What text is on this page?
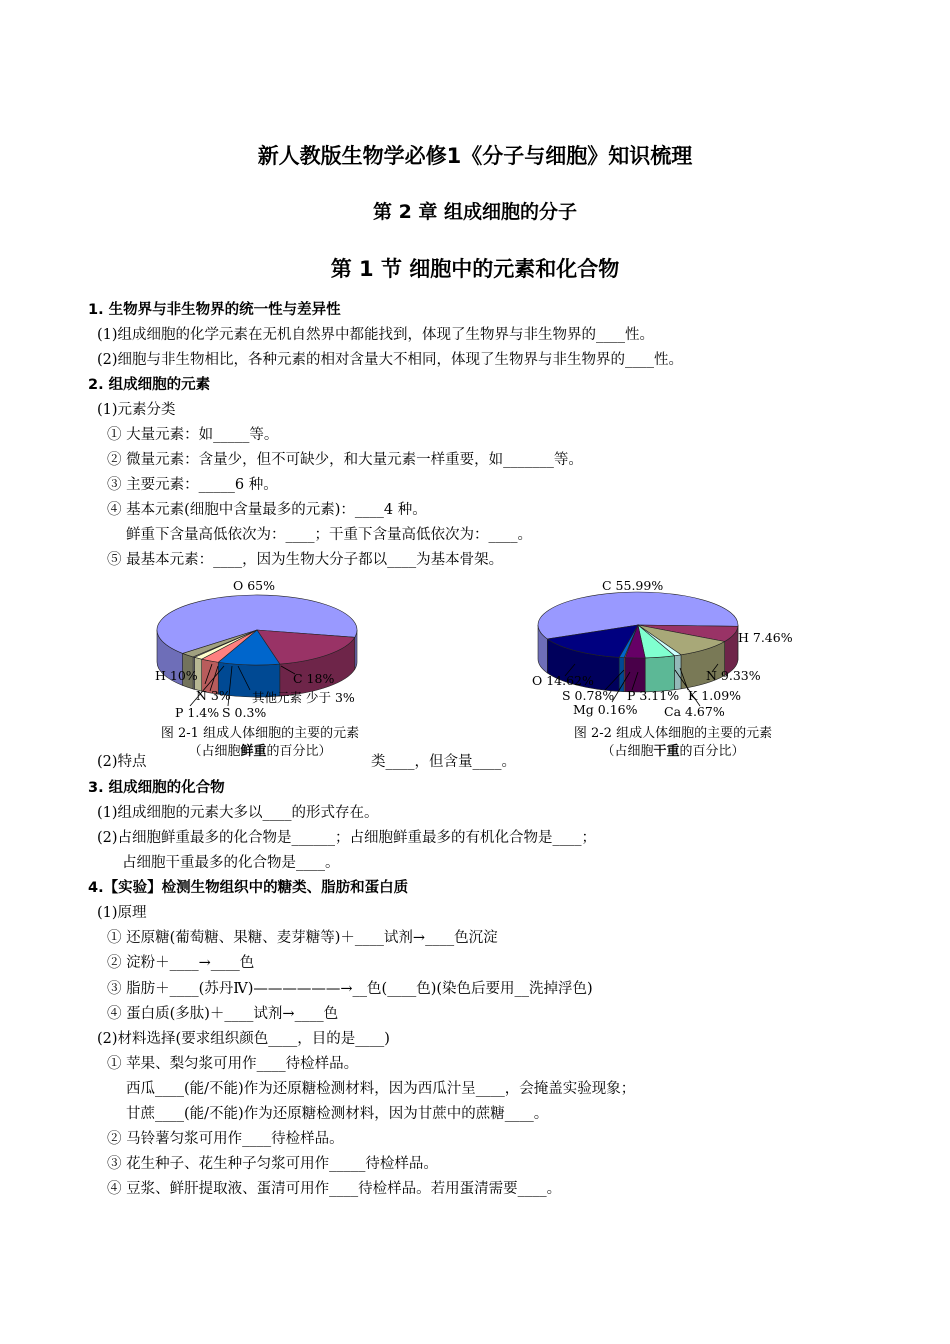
新人教版生物学必修1《分子与细胞》知识梳理
第 2 章 组成细胞的分子
第 1 节 细胞中的元素和化合物
1. 生物界与非生物界的统一性与差异性
(1)组成细胞的化学元素在无机自然界中都能找到，体现了生物界与非生物界的____性。
(2)细胞与非生物相比，各种元素的相对含量大不相同，体现了生物界与非生物界的____性。
2. 组成细胞的元素
(1)元素分类
① 大量元素：如_____等。
② 微量元素：含量少，但不可缺少，和大量元素一样重要，如_______等。
③ 主要元素：_____6 种。
④ 基本元素(细胞中含量最多的元素)：____4 种。
鲜重下含量高低依次为：____；干重下含量高低依次为：____。
⑤ 最基本元素：____，因为生物大分子都以____为基本骨架。
O 65%
C 18%
H 10%
N 3% 其他元素 少于 3%
P 1.4% S 0.3%
图 2-1 组成人体细胞的主要的元素
（占细胞鲜重的百分比）
C 55.99%
H 7.46%
N 9.33%
O 14.62%
S 0.78% P 3.11% K 1.09%
Mg 0.16% Ca 4.67%
图 2-2 组成人体细胞的主要的元素
（占细胞干重的百分比）
(2)特点	类____，但含量____。
3. 组成细胞的化合物
(1)组成细胞的元素大多以____的形式存在。
(2)占细胞鲜重最多的化合物是______；占细胞鲜重最多的有机化合物是____；
占细胞干重最多的化合物是____。
4.【实验】检测生物组织中的糖类、脂肪和蛋白质
(1)原理
① 还原糖(葡萄糖、果糖、麦芽糖等)＋____试剂→____色沉淀
② 淀粉＋____→____色
③ 脂肪＋____(苏丹Ⅳ)——————→__色(____色)(染色后要用__洗掉浮色)
④ 蛋白质(多肽)＋____试剂→____色
(2)材料选择(要求组织颜色____，目的是____)
① 苹果、梨匀浆可用作____待检样品。
西瓜____(能/不能)作为还原糖检测材料，因为西瓜汁呈____，会掩盖实验现象；
甘蔗____(能/不能)作为还原糖检测材料，因为甘蔗中的蔗糖____。
② 马铃薯匀浆可用作____待检样品。
③ 花生种子、花生种子匀浆可用作_____待检样品。
④ 豆浆、鲜肝提取液、蛋清可用作____待检样品。若用蛋清需要____。
